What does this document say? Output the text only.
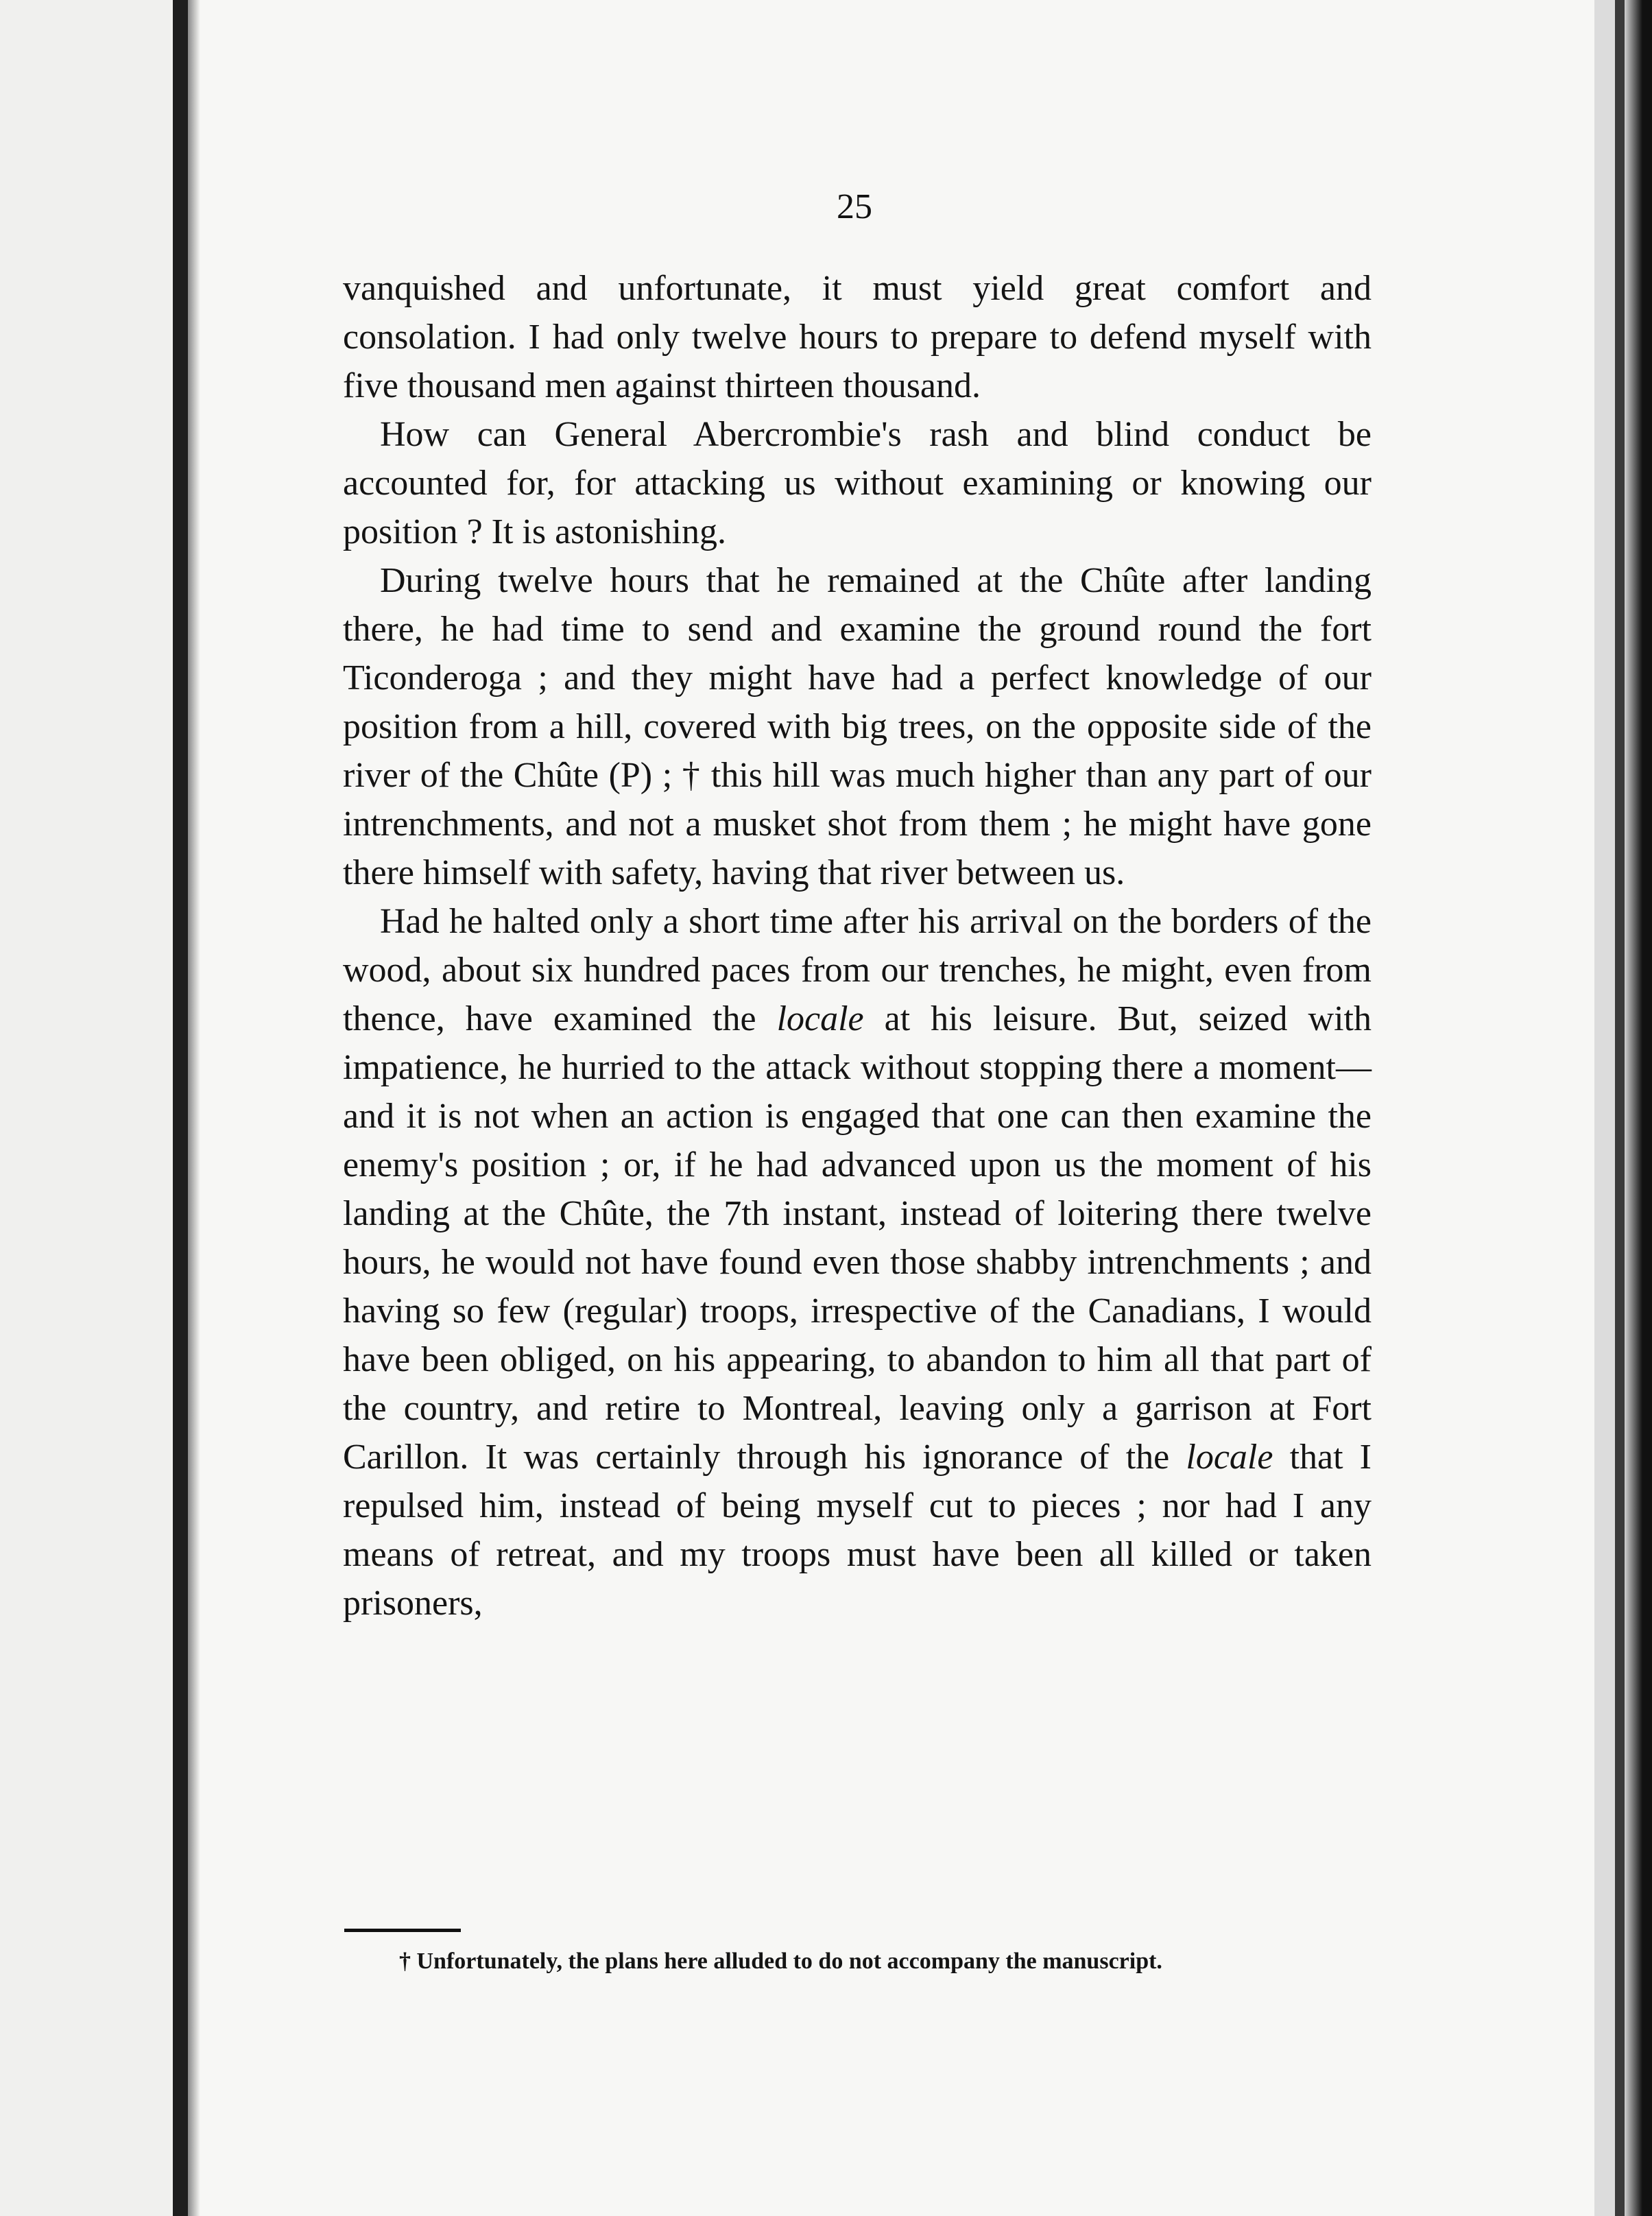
25

vanquished and unfortunate, it must yield great comfort and consolation. I had only twelve hours to prepare to defend myself with five thousand men against thirteen thousand.

How can General Abercrombie's rash and blind conduct be accounted for, for attacking us without examining or knowing our position ? It is astonishing.

During twelve hours that he remained at the Chûte after landing there, he had time to send and examine the ground round the fort Ticonderoga ; and they might have had a perfect knowledge of our position from a hill, covered with big trees, on the opposite side of the river of the Chûte (P) ; † this hill was much higher than any part of our intrenchments, and not a musket shot from them ; he might have gone there himself with safety, having that river between us.

Had he halted only a short time after his arrival on the borders of the wood, about six hundred paces from our trenches, he might, even from thence, have examined the locale at his leisure. But, seized with impatience, he hurried to the attack without stopping there a moment—and it is not when an action is engaged that one can then examine the enemy's position ; or, if he had advanced upon us the moment of his landing at the Chûte, the 7th instant, instead of loitering there twelve hours, he would not have found even those shabby intrenchments ; and having so few (regular) troops, irrespective of the Canadians, I would have been obliged, on his appearing, to abandon to him all that part of the country, and retire to Montreal, leaving only a garrison at Fort Carillon. It was certainly through his ignorance of the locale that I repulsed him, instead of being myself cut to pieces ; nor had I any means of retreat, and my troops must have been all killed or taken prisoners,

† Unfortunately, the plans here alluded to do not accompany the manuscript.
